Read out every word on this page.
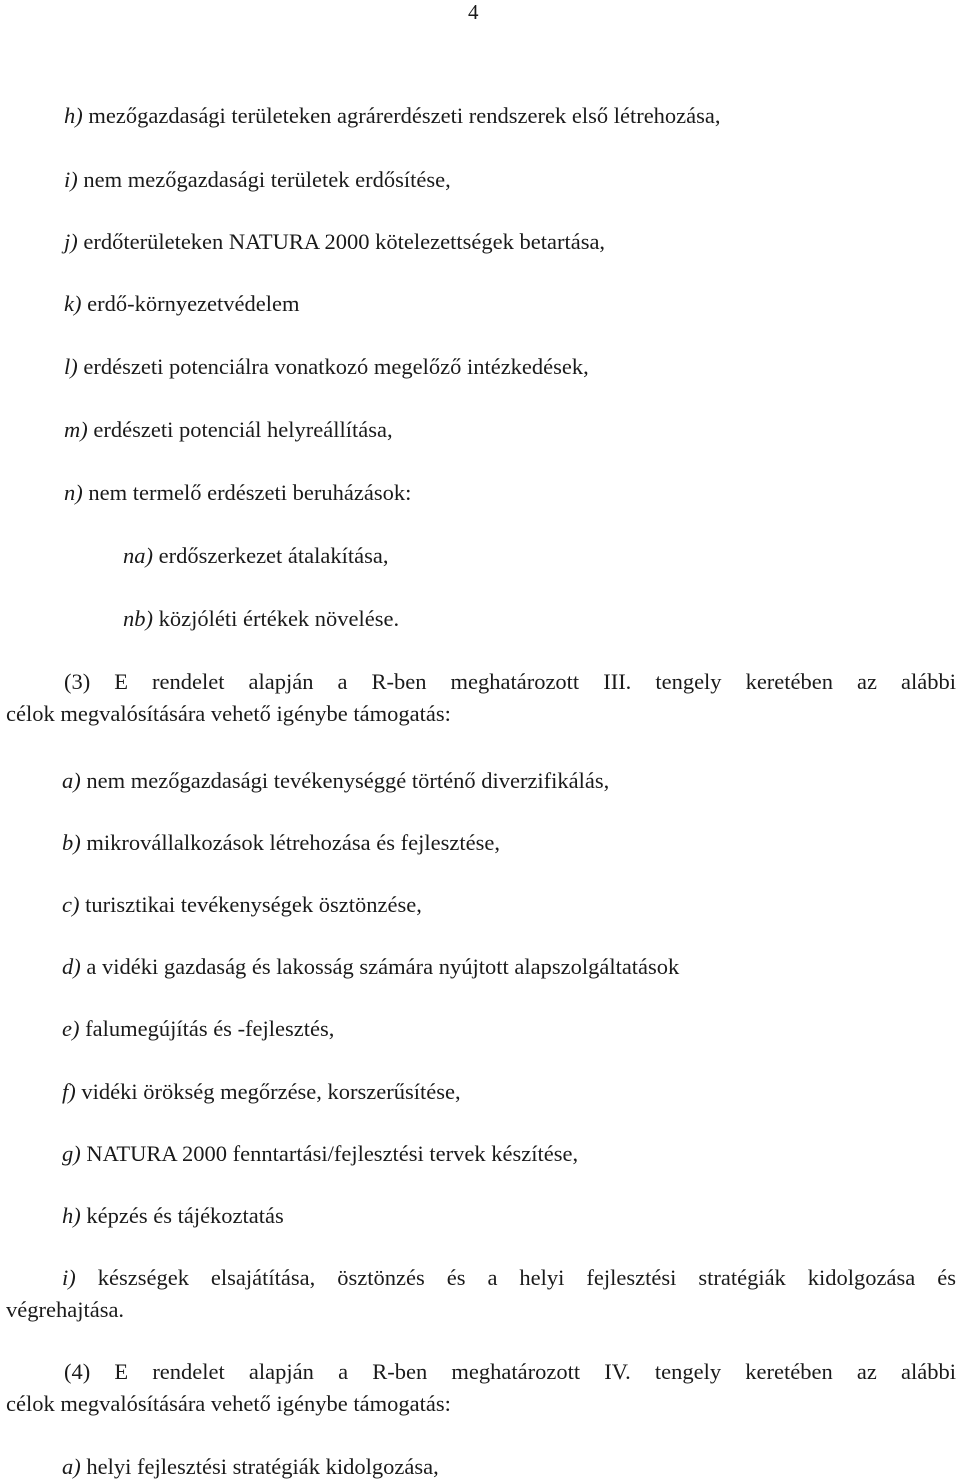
4
h) mezőgazdasági területeken agrárerdészeti rendszerek első létrehozása,
i) nem mezőgazdasági területek erdősítése,
j) erdőterületeken NATURA 2000 kötelezettségek betartása,
k) erdő-környezetvédelem
l) erdészeti potenciálra vonatkozó megelőző intézkedések,
m) erdészeti potenciál helyreállítása,
n) nem termelő erdészeti beruházások:
na) erdőszerkezet átalakítása,
nb) közjóléti értékek növelése.
(3) E rendelet alapján a R-ben meghatározott III. tengely keretében az alábbi
célok megvalósítására vehető igénybe támogatás:
a) nem mezőgazdasági tevékenységgé történő diverzifikálás,
b) mikrovállalkozások létrehozása és fejlesztése,
c) turisztikai tevékenységek ösztönzése,
d) a vidéki gazdaság és lakosság számára nyújtott alapszolgáltatások
e) falumegújítás és -fejlesztés,
f) vidéki örökség megőrzése, korszerűsítése,
g) NATURA 2000 fenntartási/fejlesztési tervek készítése,
h) képzés és tájékoztatás
i) készségek elsajátítása, ösztönzés és a helyi fejlesztési stratégiák kidolgozása és
végrehajtása.
(4) E rendelet alapján a R-ben meghatározott IV. tengely keretében az alábbi
célok megvalósítására vehető igénybe támogatás:
a) helyi fejlesztési stratégiák kidolgozása,
